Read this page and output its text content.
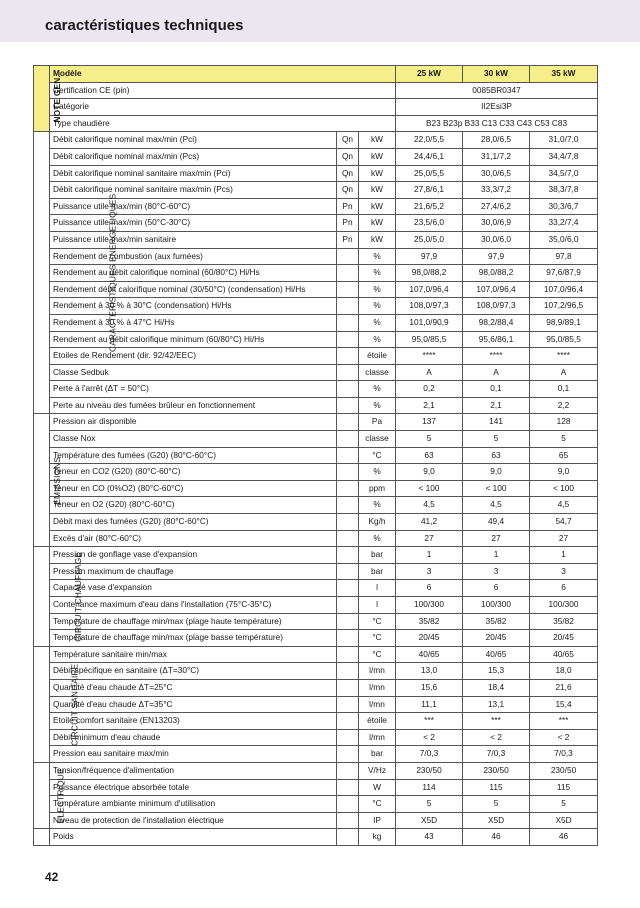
caractéristiques techniques
NOTE GEN.	Modèle			25 kW	30 kW	35 kW
	Certification CE (pin)			0085BR0347		
	Catégorie			II2Esi3P		
	Type chaudière			B23 B23p B33 C13 C33 C43 C53 C83		
CARACTERISTIQUES ENERGETIQUES	Débit calorifique nominal max/min (Pci)	Qn	kW	22,0/5,5	28,0/6,5	31,0/7,0
	Débit calorifique nominal max/min (Pcs)	Qn	kW	24,4/6,1	31,1/7,2	34,4/7,8
	Débit calorifique nominal sanitaire max/min (Pci)	Qn	kW	25,0/5,5	30,0/6,5	34,5/7,0
	Débit calorifique nominal sanitaire max/min (Pcs)	Qn	kW	27,8/6,1	33,3/7,2	38,3/7,8
	Puissance utile max/min (80°C-60°C)	Pn	kW	21,6/5,2	27,4/6,2	30,3/6,7
	Puissance utile max/min (50°C-30°C)	Pn	kW	23,5/6,0	30,0/6,9	33,2/7,4
	Puissance utile max/min sanitaire	Pn	kW	25,0/5,0	30,0/6,0	35,0/6,0
	Rendement de combustion (aux fumées)		%	97,9	97,9	97,8
	Rendement au débit calorifique nominal (60/80°C) Hi/Hs		%	98,0/88,2	98,0/88,2	97,6/87,9
	Rendement débit calorifique nominal (30/50°C) (condensation) Hi/Hs		%	107,0/96,4	107,0/96,4	107,0/96,4
	Rendement à 30 % à 30°C (condensation) Hi/Hs		%	108,0/97,3	108,0/97,3	107,2/96,5
	Rendement à 30 % à 47°C Hi/Hs		%	101,0/90,9	98,2/88,4	98,9/89,1
	Rendement au débit calorifique minimum (60/80°C) Hi/Hs		%	95,0/85,5	95,6/86,1	95,0/85,5
	Etoiles de Rendement (dir. 92/42/EEC)		étoile	****	****	****
	Classe Sedbuk		classe	A	A	A
	Perte à l'arrêt (ΔT = 50°C)		%	0,2	0,1	0,1
	Perte au niveau des fumées brûleur en fonctionnement		%	2,1	2,1	2,2
EMISSIONS	Pression air disponible		Pa	137	141	128
	Classe Nox		classe	5	5	5
	Température des fumées (G20) (80°C-60°C)		°C	63	63	65
	Teneur en CO2 (G20) (80°C-60°C)		%	9,0	9,0	9,0
	Teneur en CO (0%O2) (80°C-60°C)		ppm	< 100	< 100	< 100
	Teneur en O2 (G20) (80°C-60°C)		%	4,5	4,5	4,5
	Débit maxi des fumées (G20) (80°C-60°C)		Kg/h	41,2	49,4	54,7
	Excès d'air (80°C-60°C)		%	27	27	27
CIRCUIT CHAUFFAGE	Pression de gonflage vase d'expansion		bar	1	1	1
	Pression maximum de chauffage		bar	3	3	3
	Capacité vase d'expansion		l	6	6	6
	Contenance maximum d'eau dans l'installation (75°C-35°C)		l	100/300	100/300	100/300
	Température de chauffage min/max (plage haute température)		°C	35/82	35/82	35/82
	Température de chauffage min/max (plage basse température)		°C	20/45	20/45	20/45
CIRCUIT SANITAIRE	Température sanitaire min/max		°C	40/65	40/65	40/65
	Débit spécifique en sanitaire (ΔT=30°C)		l/mn	13,0	15,3	18,0
	Quantité d'eau chaude ΔT=25°C		l/mn	15,6	18,4	21,6
	Quantité d'eau chaude ΔT=35°C		l/mn	11,1	13,1	15,4
	Etoile comfort sanitaire (EN13203)		étoile	***	***	***
	Débit minimum d'eau chaude		l/mn	< 2	< 2	< 2
	Pression eau sanitaire max/min		bar	7/0,3	7/0,3	7/0,3
ELECTRIQUE	Tension/fréquence d'alimentation		V/Hz	230/50	230/50	230/50
	Puissance électrique absorbée totale		W	114	115	115
	Température ambiante minimum d'utilisation		°C	5	5	5
	Niveau de protection de l'installation électrique		IP	X5D	X5D	X5D
	Poids		kg	43	46	46
42
